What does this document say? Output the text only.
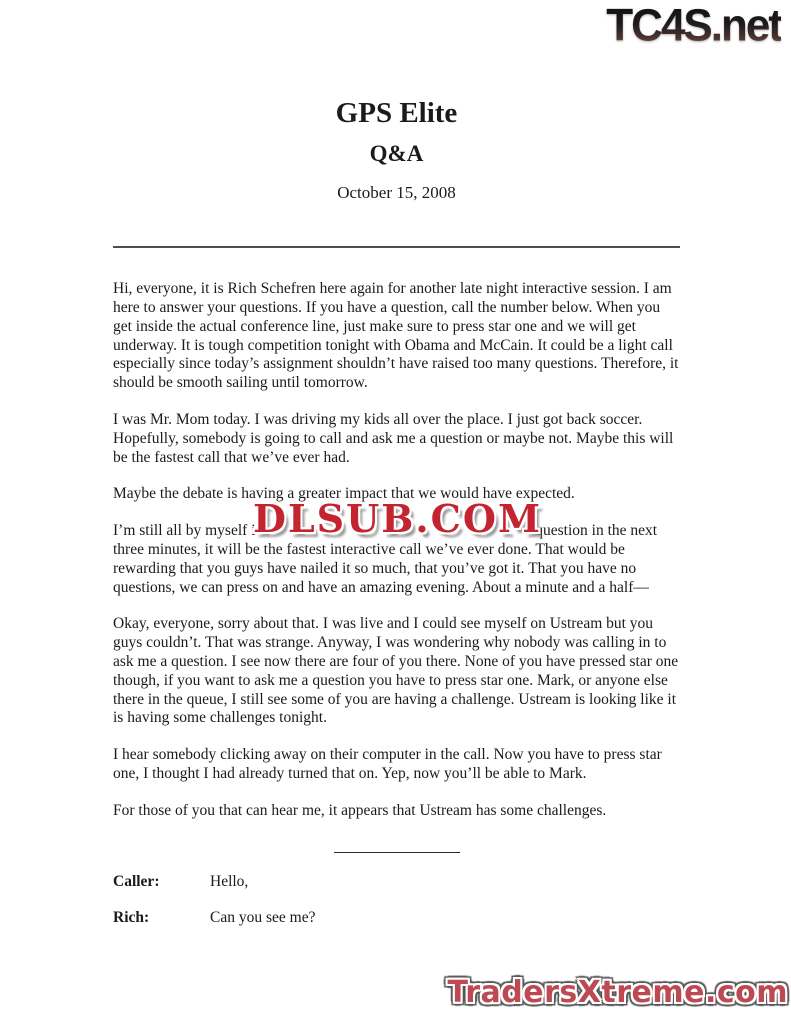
TC4S.net
GPS Elite
Q&A
October 15, 2008

Hi, everyone, it is Rich Schefren here again for another late night interactive session. I am here to answer your questions. If you have a question, call the number below. When you get inside the actual conference line, just make sure to press star one and we will get underway. It is tough competition tonight with Obama and McCain. It could be a light call especially since today’s assignment shouldn’t have raised too many questions. Therefore, it should be smooth sailing until tomorrow.

I was Mr. Mom today. I was driving my kids all over the place. I just got back soccer. Hopefully, somebody is going to call and ask me a question or maybe not. Maybe this will be the fastest call that we’ve ever had.

Maybe the debate is having a greater impact that we would have expected.

I’m still all by myself i	question in the next three minutes, it will be the fastest interactive call we’ve ever done. That would be rewarding that you guys have nailed it so much, that you’ve got it. That you have no questions, we can press on and have an amazing evening. About a minute and a half—
DLSUB.COM

Okay, everyone, sorry about that. I was live and I could see myself on Ustream but you guys couldn’t. That was strange. Anyway, I was wondering why nobody was calling in to ask me a question. I see now there are four of you there. None of you have pressed star one though, if you want to ask me a question you have to press star one. Mark, or anyone else there in the queue, I still see some of you are having a challenge. Ustream is looking like it is having some challenges tonight.

I hear somebody clicking away on their computer in the call. Now you have to press star one, I thought I had already turned that on. Yep, now you’ll be able to Mark.

For those of you that can hear me, it appears that Ustream has some challenges.

Caller:	Hello,
Rich:	Can you see me?
TradersXtreme.com
